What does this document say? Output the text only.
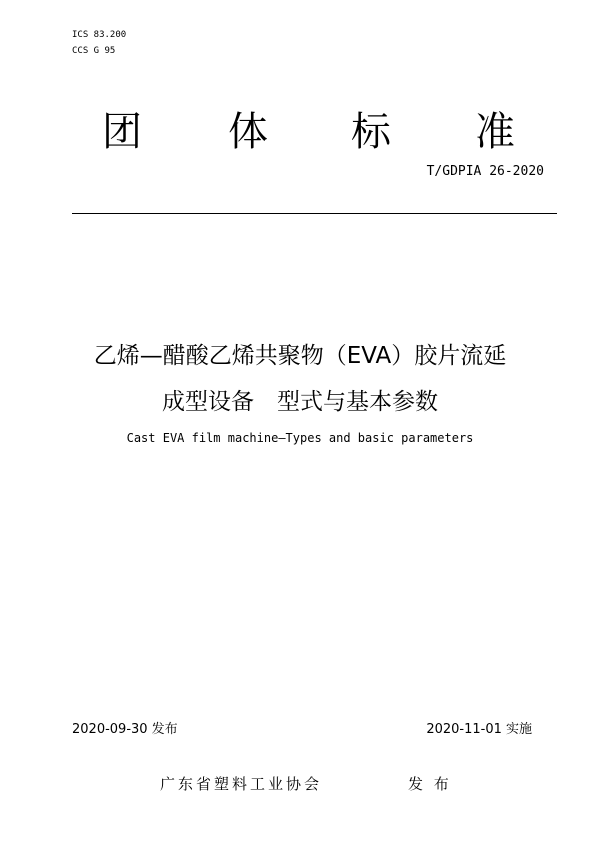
ICS 83.200
CCS G 95
团 体 标 准
T/GDPIA 26-2020
乙烯—醋酸乙烯共聚物（EVA）胶片流延
成型设备　型式与基本参数
Cast EVA film machine—Types and basic parameters
2020-09-30 发布	2020-11-01 实施
广东省塑料工业协会	发 布
